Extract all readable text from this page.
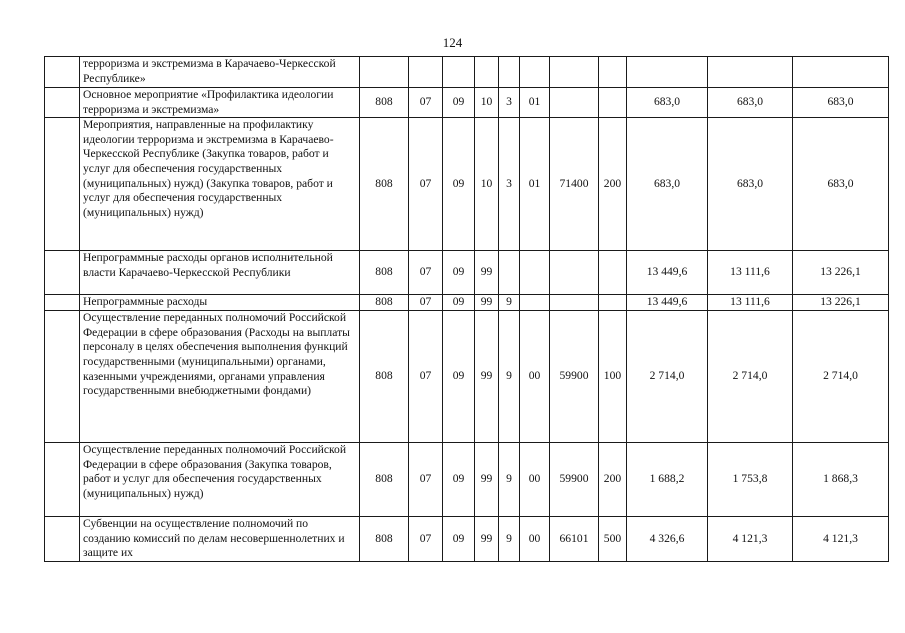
124
	терроризма и экстремизма в Карачаево-Черкесской Республике»											
	Основное мероприятие «Профилактика идеологии терроризма и экстремизма»	808	07	09	10	3	01			683,0	683,0	683,0
	Мероприятия, направленные на профилактику идеологии терроризма и экстремизма в Карачаево-Черкесской Республике (Закупка товаров, работ и услуг для обеспечения государственных (муниципальных) нужд) (Закупка товаров, работ и услуг для обеспечения государственных (муниципальных) нужд)	808	07	09	10	3	01	71400	200	683,0	683,0	683,0
	Непрограммные расходы органов исполнительной власти Карачаево-Черкесской Республики	808	07	09	99					13 449,6	13 111,6	13 226,1
	Непрограммные расходы	808	07	09	99	9				13 449,6	13 111,6	13 226,1
	Осуществление переданных полномочий Российской Федерации в сфере образования (Расходы на выплаты персоналу в целях обеспечения выполнения функций государственными (муниципальными) органами, казенными учреждениями, органами управления государственными внебюджетными фондами)	808	07	09	99	9	00	59900	100	2 714,0	2 714,0	2 714,0
	Осуществление переданных полномочий Российской Федерации в сфере образования (Закупка товаров, работ и услуг для обеспечения государственных (муниципальных) нужд)	808	07	09	99	9	00	59900	200	1 688,2	1 753,8	1 868,3
	Субвенции на осуществление полномочий по созданию комиссий по делам несовершеннолетних и защите их	808	07	09	99	9	00	66101	500	4 326,6	4 121,3	4 121,3
